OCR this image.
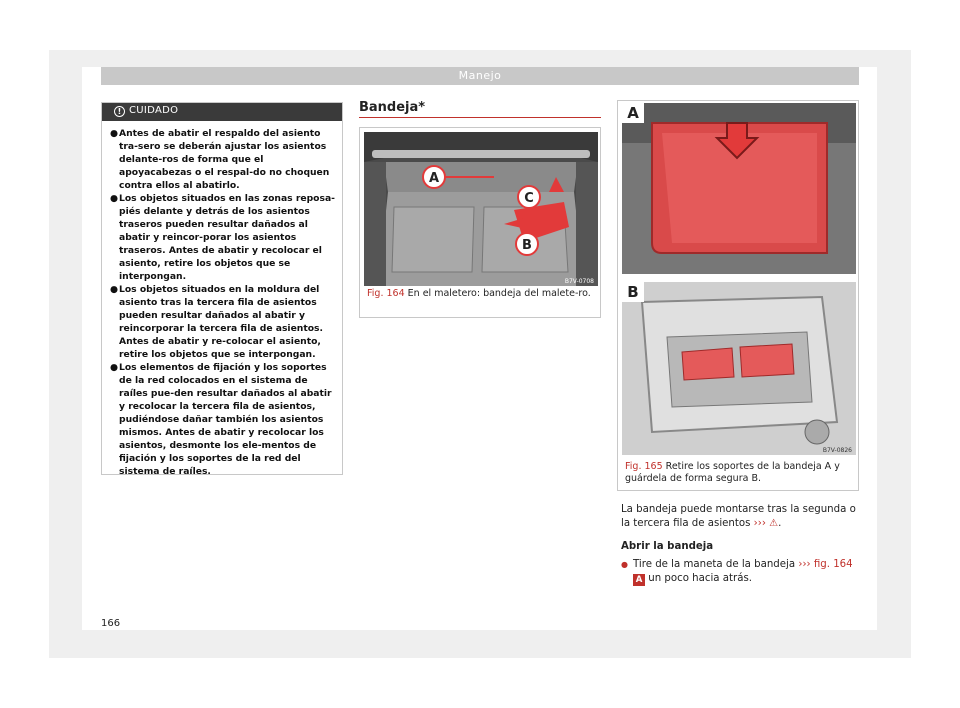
Manejo
! CUIDADO
● Antes de abatir el respaldo del asiento tra-sero se deberán ajustar los asientos delante-ros de forma que el apoyacabezas o el respal-do no choquen contra ellos al abatirlo.
● Los objetos situados en las zonas reposa-piés delante y detrás de los asientos traseros pueden resultar dañados al abatir y reincor-porar los asientos traseros. Antes de abatir y recolocar el asiento, retire los objetos que se interpongan.
● Los objetos situados en la moldura del asiento tras la tercera fila de asientos pueden resultar dañados al abatir y reincorporar la tercera fila de asientos. Antes de abatir y re-colocar el asiento, retire los objetos que se interpongan.
● Los elementos de fijación y los soportes de la red colocados en el sistema de raíles pue-den resultar dañados al abatir y recolocar la tercera fila de asientos, pudiéndose dañar también los asientos mismos. Antes de abatir y recolocar los asientos, desmonte los ele-mentos de fijación y los soportes de la red del sistema de raíles.
Bandeja*
A
C
B
B7V-0708
Fig. 164 En el maletero: bandeja del malete-ro.
A
B
B7V-0826
Fig. 165 Retire los soportes de la bandeja A y guárdela de forma segura B.

La bandeja puede montarse tras la segunda o la tercera fila de asientos ››› ⚠.

Abrir la bandeja

● Tire de la maneta de la bandeja ››› fig. 164 A un poco hacia atrás.

166
